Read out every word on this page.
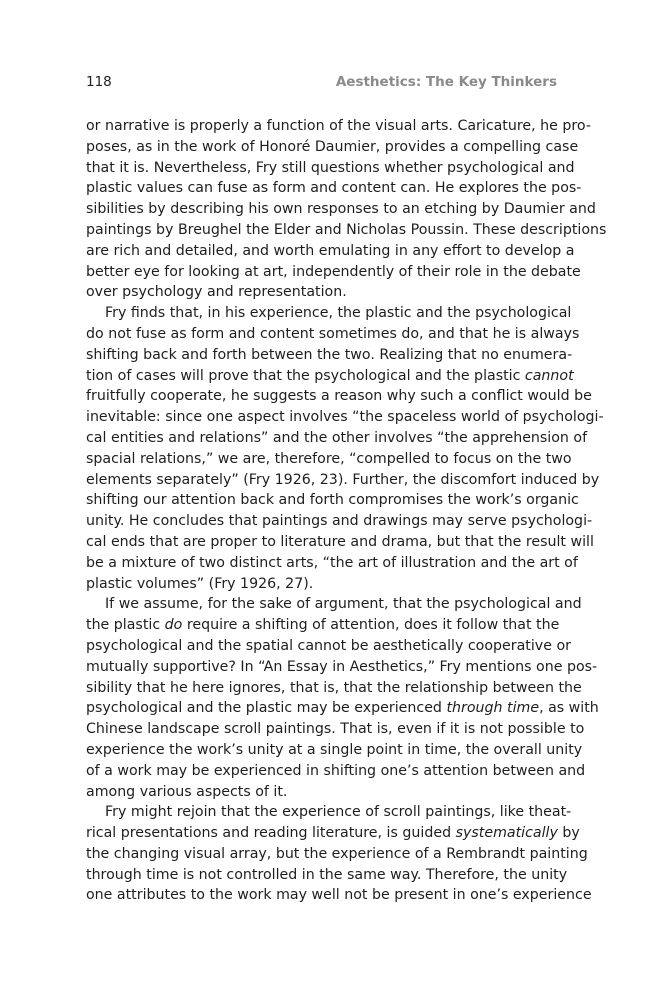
118	Aesthetics: The Key Thinkers
or narrative is properly a function of the visual arts. Caricature, he pro-
poses, as in the work of Honoré Daumier, provides a compelling case
that it is. Nevertheless, Fry still questions whether psychological and
plastic values can fuse as form and content can. He explores the pos-
sibilities by describing his own responses to an etching by Daumier and
paintings by Breughel the Elder and Nicholas Poussin. These descriptions
are rich and detailed, and worth emulating in any effort to develop a
better eye for looking at art, independently of their role in the debate
over psychology and representation.
Fry finds that, in his experience, the plastic and the psychological
do not fuse as form and content sometimes do, and that he is always
shifting back and forth between the two. Realizing that no enumera-
tion of cases will prove that the psychological and the plastic cannot
fruitfully cooperate, he suggests a reason why such a conflict would be
inevitable: since one aspect involves “the spaceless world of psychologi-
cal entities and relations” and the other involves “the apprehension of
spacial relations,” we are, therefore, “compelled to focus on the two
elements separately” (Fry 1926, 23). Further, the discomfort induced by
shifting our attention back and forth compromises the work’s organic
unity. He concludes that paintings and drawings may serve psychologi-
cal ends that are proper to literature and drama, but that the result will
be a mixture of two distinct arts, “the art of illustration and the art of
plastic volumes” (Fry 1926, 27).
If we assume, for the sake of argument, that the psychological and
the plastic do require a shifting of attention, does it follow that the
psychological and the spatial cannot be aesthetically cooperative or
mutually supportive? In “An Essay in Aesthetics,” Fry mentions one pos-
sibility that he here ignores, that is, that the relationship between the
psychological and the plastic may be experienced through time, as with
Chinese landscape scroll paintings. That is, even if it is not possible to
experience the work’s unity at a single point in time, the overall unity
of a work may be experienced in shifting one’s attention between and
among various aspects of it.
Fry might rejoin that the experience of scroll paintings, like theat-
rical presentations and reading literature, is guided systematically by
the changing visual array, but the experience of a Rembrandt painting
through time is not controlled in the same way. Therefore, the unity
one attributes to the work may well not be present in one’s experience
